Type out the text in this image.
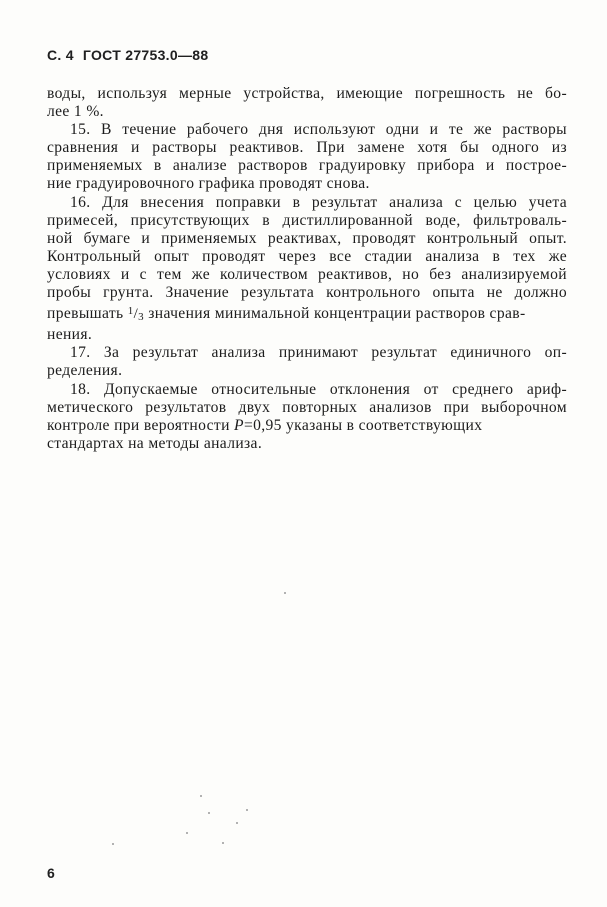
С. 4 ГОСТ 27753.0—88

воды, используя мерные устройства, имеющие погрешность не бо-
лее 1 %.

15. В течение рабочего дня используют одни и те же растворы
сравнения и растворы реактивов. При замене хотя бы одного из
применяемых в анализе растворов градуировку прибора и построе-
ние градуировочного графика проводят снова.

16. Для внесения поправки в результат анализа с целью учета
примесей, присутствующих в дистиллированной воде, фильтроваль-
ной бумаге и применяемых реактивах, проводят контрольный опыт.
Контрольный опыт проводят через все стадии анализа в тех же
условиях и с тем же количеством реактивов, но без анализируемой
пробы грунта. Значение результата контрольного опыта не должно
превышать $^1$/3 значения минимальной концентрации растворов срав-
нения.

17. За результат анализа принимают результат единичного оп-
ределения.

18. Допускаемые относительные отклонения от среднего ариф-
метического результатов двух повторных анализов при выборочном
контроле при вероятности P=0,95 указаны в соответствующих
стандартах на методы анализа.

6
